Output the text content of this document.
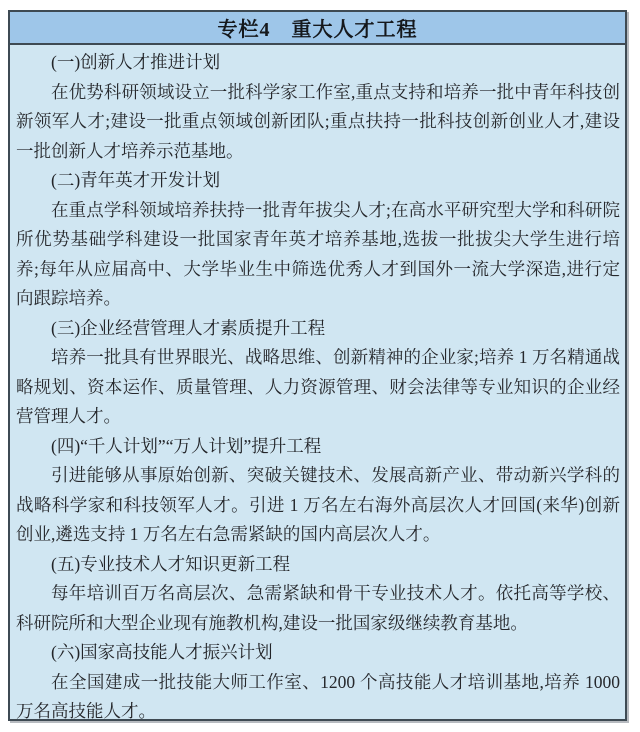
专栏4　重大人才工程

(一)创新人才推进计划

在优势科研领域设立一批科学家工作室,重点支持和培养一批中青年科技创新领军人才;建设一批重点领域创新团队;重点扶持一批科技创新创业人才,建设一批创新人才培养示范基地。

(二)青年英才开发计划

在重点学科领域培养扶持一批青年拔尖人才;在高水平研究型大学和科研院所优势基础学科建设一批国家青年英才培养基地,选拔一批拔尖大学生进行培养;每年从应届高中、大学毕业生中筛选优秀人才到国外一流大学深造,进行定向跟踪培养。

(三)企业经营管理人才素质提升工程

培养一批具有世界眼光、战略思维、创新精神的企业家;培养 1 万名精通战略规划、资本运作、质量管理、人力资源管理、财会法律等专业知识的企业经营管理人才。

(四)“千人计划”“万人计划”提升工程

引进能够从事原始创新、突破关键技术、发展高新产业、带动新兴学科的战略科学家和科技领军人才。引进 1 万名左右海外高层次人才回国(来华)创新创业,遴选支持 1 万名左右急需紧缺的国内高层次人才。

(五)专业技术人才知识更新工程

每年培训百万名高层次、急需紧缺和骨干专业技术人才。依托高等学校、科研院所和大型企业现有施教机构,建设一批国家级继续教育基地。

(六)国家高技能人才振兴计划

在全国建成一批技能大师工作室、1200 个高技能人才培训基地,培养 1000 万名高技能人才。
